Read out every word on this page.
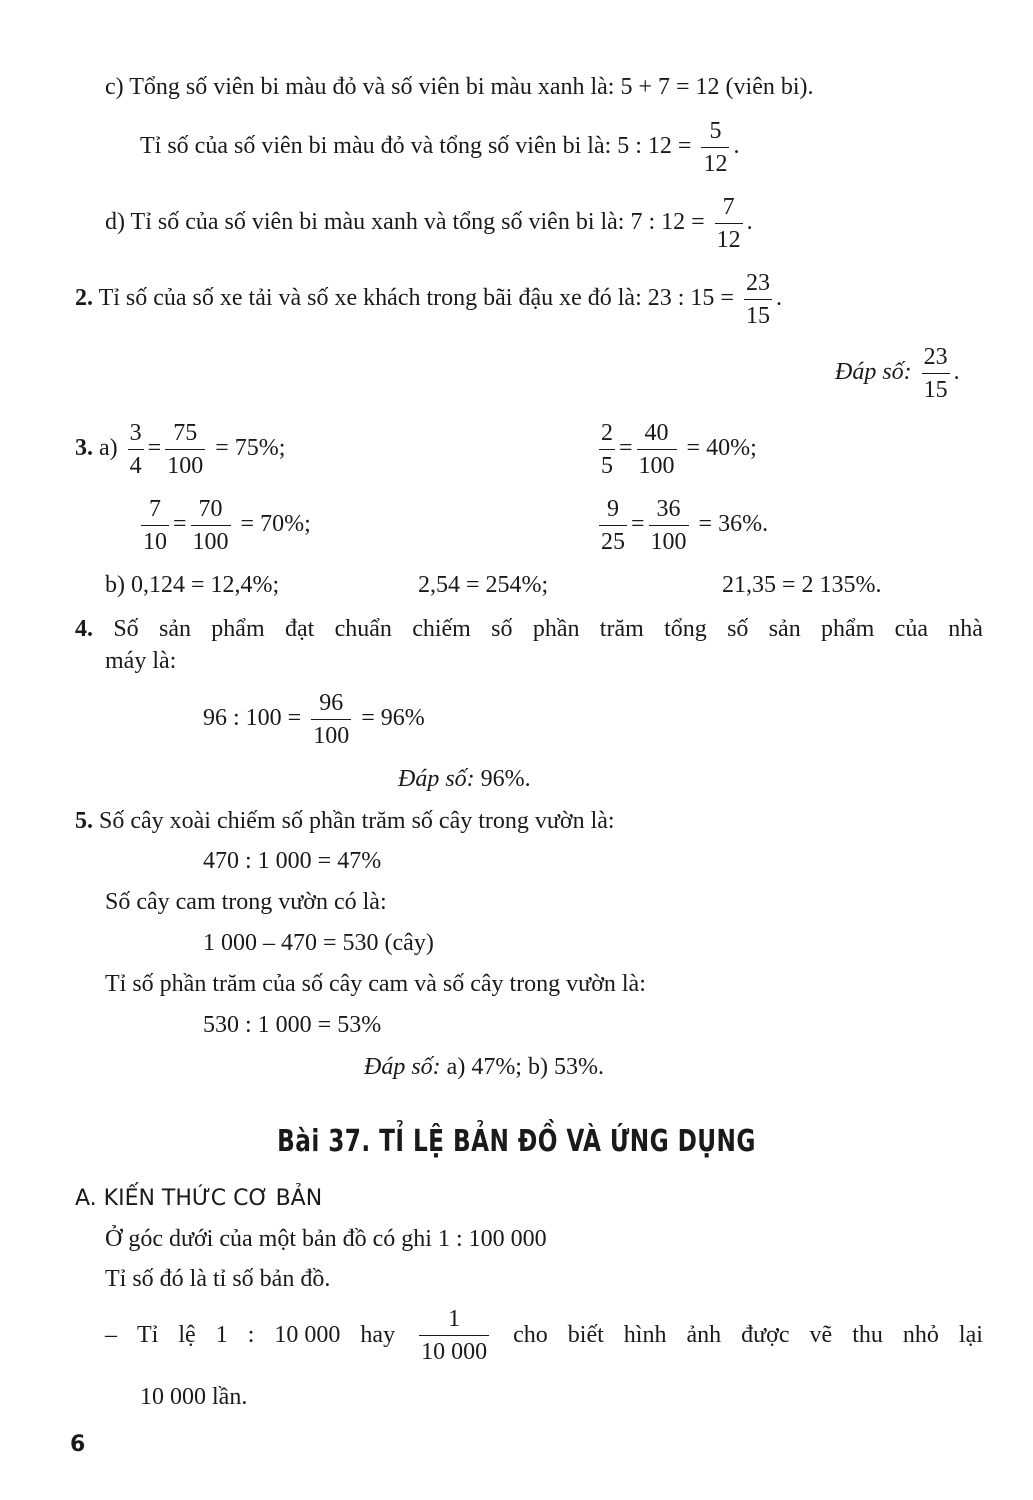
c) Tổng số viên bi màu đỏ và số viên bi màu xanh là: 5 + 7 = 12 (viên bi).
Tỉ số của số viên bi màu đỏ và tổng số viên bi là: 5 : $12 = \frac{5}{12}$ .
d) Tỉ số của số viên bi màu xanh và tổng số viên bi là: 7 : $12 = \frac{7}{12}$ .
2. Tỉ số của số xe tải và số xe khách trong bãi đậu xe đó là: 23 : $15 = \frac{23}{15}$ .
Đáp số: $\frac{23}{15}$ .
3. $a) \frac{3}{4} = \frac{75}{100} = 75\%$;	$\frac{2}{5} = \frac{40}{100} = 40\%$;
$\frac{7}{10} = \frac{70}{100} = 70\%$;	$\frac{9}{25} = \frac{36}{100} = 36\%$.
b) 0,124 = 12,4%;	2,54 = 254%;	21,35 = 2 135%.
4. Số sản phẩm đạt chuẩn chiếm số phần trăm tổng số sản phẩm của nhà
máy là:
96 : $100 = \frac{96}{100} = 96\%$
Đáp số: 96%.
5. Số cây xoài chiếm số phần trăm số cây trong vườn là:
470 : 1 000 = 47%
Số cây cam trong vườn có là:
1 000 – 470 = 530 (cây)
Tỉ số phần trăm của số cây cam và số cây trong vườn là:
530 : 1 000 = 53%
Đáp số: a) 47%; b) 53%.
Bài 37. TỈ LỆ BẢN ĐỒ VÀ ỨNG DỤNG
A. KIẾN THỨC CƠ BẢN
Ở góc dưới của một bản đồ có ghi 1 : 100 000
Tỉ số đó là tỉ số bản đồ.
– Tỉ lệ 1 : 10 000 hay $\frac{1}{10 000}$ cho biết hình ảnh được vẽ thu nhỏ lại
10 000 lần.
6
